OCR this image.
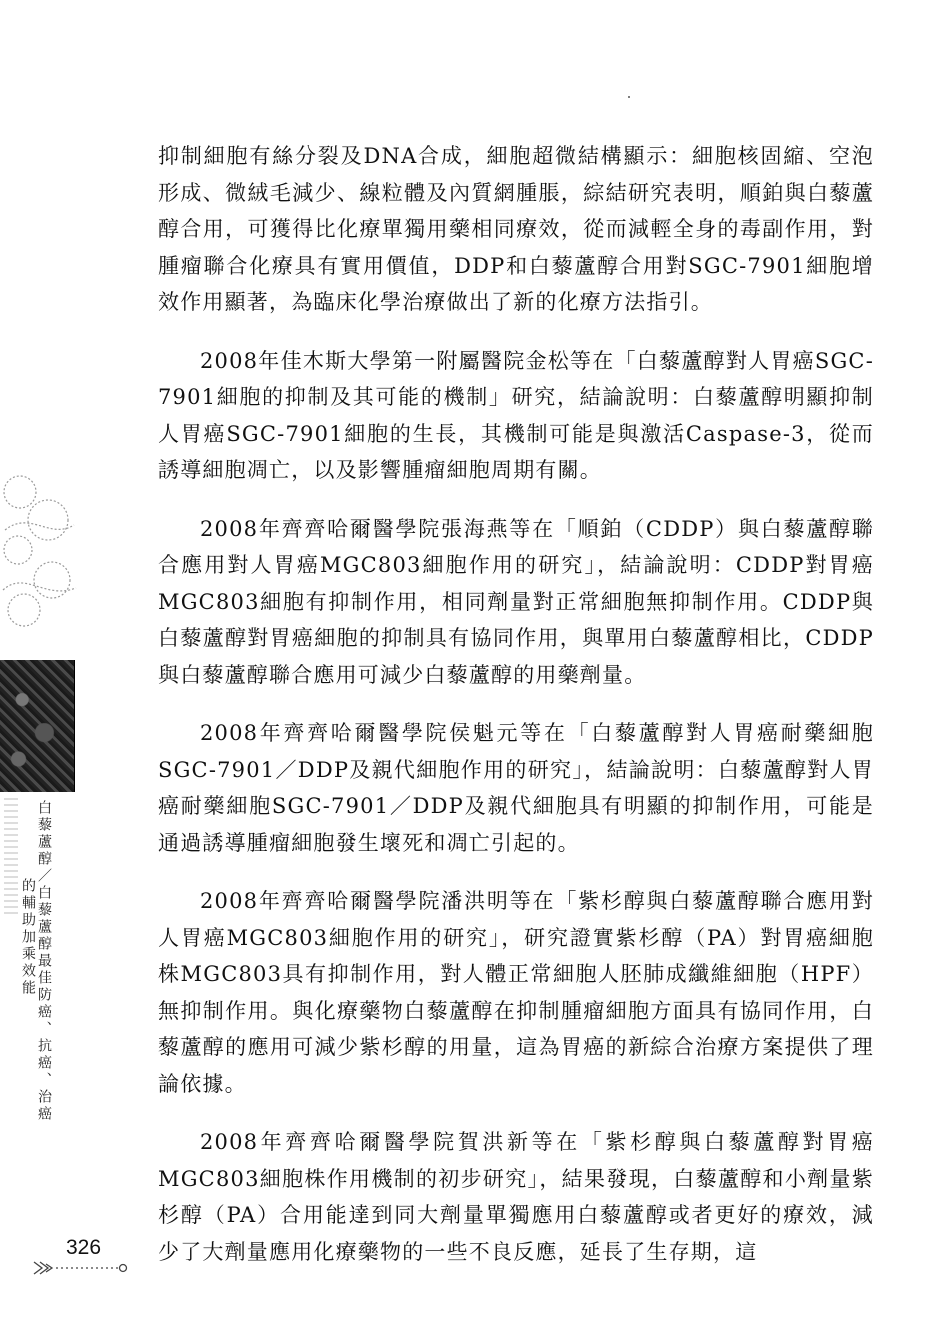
抑制細胞有絲分裂及DNA合成，細胞超微結構顯示：細胞核固縮、空泡形成、微絨毛減少、線粒體及內質網腫脹，綜結研究表明，順鉑與白藜蘆醇合用，可獲得比化療單獨用藥相同療效，從而減輕全身的毒副作用，對腫瘤聯合化療具有實用價值，DDP和白藜蘆醇合用對SGC-7901細胞增效作用顯著，為臨床化學治療做出了新的化療方法指引。

2008年佳木斯大學第一附屬醫院金松等在「白藜蘆醇對人胃癌SGC-7901細胞的抑制及其可能的機制」研究，結論說明：白藜蘆醇明顯抑制人胃癌SGC-7901細胞的生長，其機制可能是與激活Caspase-3，從而誘導細胞凋亡，以及影響腫瘤細胞周期有關。

2008年齊齊哈爾醫學院張海燕等在「順鉑（CDDP）與白藜蘆醇聯合應用對人胃癌MGC803細胞作用的研究」，結論說明：CDDP對胃癌MGC803細胞有抑制作用，相同劑量對正常細胞無抑制作用。CDDP與白藜蘆醇對胃癌細胞的抑制具有協同作用，與單用白藜蘆醇相比，CDDP與白藜蘆醇聯合應用可減少白藜蘆醇的用藥劑量。

2008年齊齊哈爾醫學院侯魁元等在「白藜蘆醇對人胃癌耐藥細胞SGC-7901／DDP及親代細胞作用的研究」，結論說明：白藜蘆醇對人胃癌耐藥細胞SGC-7901／DDP及親代細胞具有明顯的抑制作用，可能是通過誘導腫瘤細胞發生壞死和凋亡引起的。

2008年齊齊哈爾醫學院潘洪明等在「紫杉醇與白藜蘆醇聯合應用對人胃癌MGC803細胞作用的研究」，研究證實紫杉醇（PA）對胃癌細胞株MGC803具有抑制作用，對人體正常細胞人胚肺成纖維細胞（HPF）無抑制作用。與化療藥物白藜蘆醇在抑制腫瘤細胞方面具有協同作用，白藜蘆醇的應用可減少紫杉醇的用量，這為胃癌的新綜合治療方案提供了理論依據。

2008年齊齊哈爾醫學院賀洪新等在「紫杉醇與白藜蘆醇對胃癌MGC803細胞株作用機制的初步研究」，結果發現，白藜蘆醇和小劑量紫杉醇（PA）合用能達到同大劑量單獨應用白藜蘆醇或者更好的療效，減少了大劑量應用化療藥物的一些不良反應，延長了生存期，這

白藜蘆醇／白藜蘆醇最佳防癌、抗癌、治癌
的輔助加乘效能
326
